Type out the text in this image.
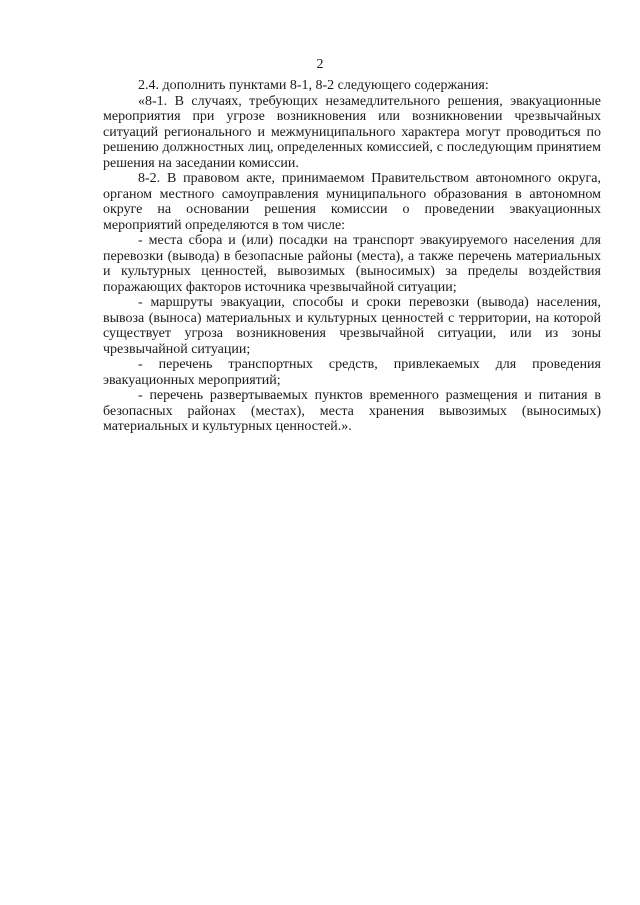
2

2.4. дополнить пунктами 8-1, 8-2 следующего содержания:

«8-1. В случаях, требующих незамедлительного решения, эвакуационные мероприятия при угрозе возникновения или возникновении чрезвычайных ситуаций регионального и межмуниципального характера могут проводиться по решению должностных лиц, определенных комиссией, с последующим принятием решения на заседании комиссии.

8-2. В правовом акте, принимаемом Правительством автономного округа, органом местного самоуправления муниципального образования в автономном округе на основании решения комиссии о проведении эвакуационных мероприятий определяются в том числе:

- места сбора и (или) посадки на транспорт эвакуируемого населения для перевозки (вывода) в безопасные районы (места), а также перечень материальных и культурных ценностей, вывозимых (выносимых) за пределы воздействия поражающих факторов источника чрезвычайной ситуации;

- маршруты эвакуации, способы и сроки перевозки (вывода) населения, вывоза (выноса) материальных и культурных ценностей с территории, на которой существует угроза возникновения чрезвычайной ситуации, или из зоны чрезвычайной ситуации;

- перечень транспортных средств, привлекаемых для проведения эвакуационных мероприятий;

- перечень развертываемых пунктов временного размещения и питания в безопасных районах (местах), места хранения вывозимых (выносимых) материальных и культурных ценностей.».
